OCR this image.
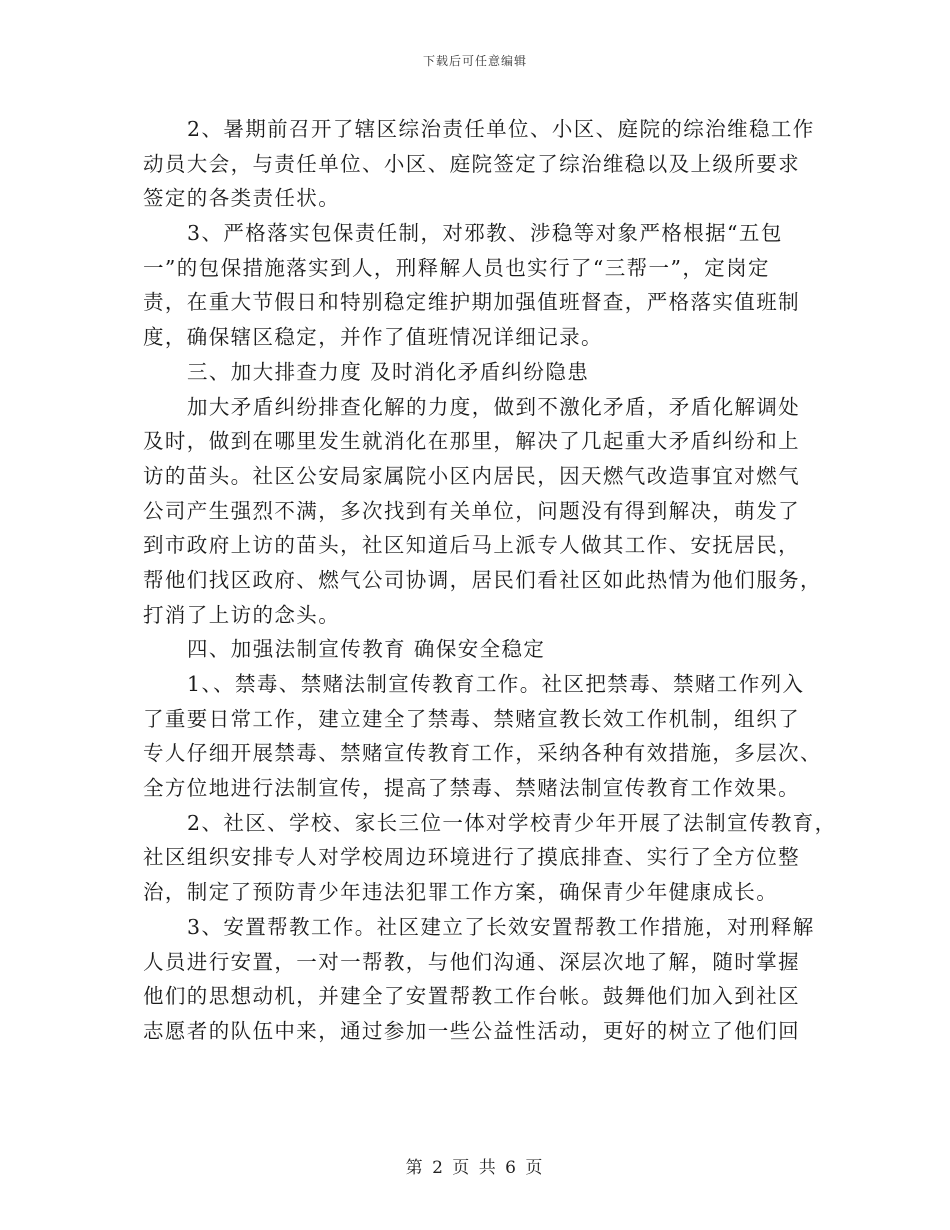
下载后可任意编辑
2、暑期前召开了辖区综治责任单位、小区、庭院的综治维稳工作
动员大会，与责任单位、小区、庭院签定了综治维稳以及上级所要求
签定的各类责任状。
3、严格落实包保责任制，对邪教、涉稳等对象严格根据“五包
一”的包保措施落实到人，刑释解人员也实行了“三帮一”，定岗定
责，在重大节假日和特别稳定维护期加强值班督查，严格落实值班制
度，确保辖区稳定，并作了值班情况详细记录。
三、加大排查力度 及时消化矛盾纠纷隐患
加大矛盾纠纷排查化解的力度，做到不激化矛盾，矛盾化解调处
及时，做到在哪里发生就消化在那里，解决了几起重大矛盾纠纷和上
访的苗头。社区公安局家属院小区内居民，因天燃气改造事宜对燃气
公司产生强烈不满，多次找到有关单位，问题没有得到解决，萌发了
到市政府上访的苗头，社区知道后马上派专人做其工作、安抚居民，
帮他们找区政府、燃气公司协调，居民们看社区如此热情为他们服务，
打消了上访的念头。
四、加强法制宣传教育 确保安全稳定
1、、禁毒、禁赌法制宣传教育工作。社区把禁毒、禁赌工作列入
了重要日常工作，建立建全了禁毒、禁赌宣教长效工作机制，组织了
专人仔细开展禁毒、禁赌宣传教育工作，采纳各种有效措施，多层次、
全方位地进行法制宣传，提高了禁毒、禁赌法制宣传教育工作效果。
2、社区、学校、家长三位一体对学校青少年开展了法制宣传教育，
社区组织安排专人对学校周边环境进行了摸底排查、实行了全方位整
治，制定了预防青少年违法犯罪工作方案，确保青少年健康成长。
3、安置帮教工作。社区建立了长效安置帮教工作措施，对刑释解
人员进行安置，一对一帮教，与他们沟通、深层次地了解，随时掌握
他们的思想动机，并建全了安置帮教工作台帐。鼓舞他们加入到社区
志愿者的队伍中来，通过参加一些公益性活动，更好的树立了他们回
第 2 页 共 6 页
